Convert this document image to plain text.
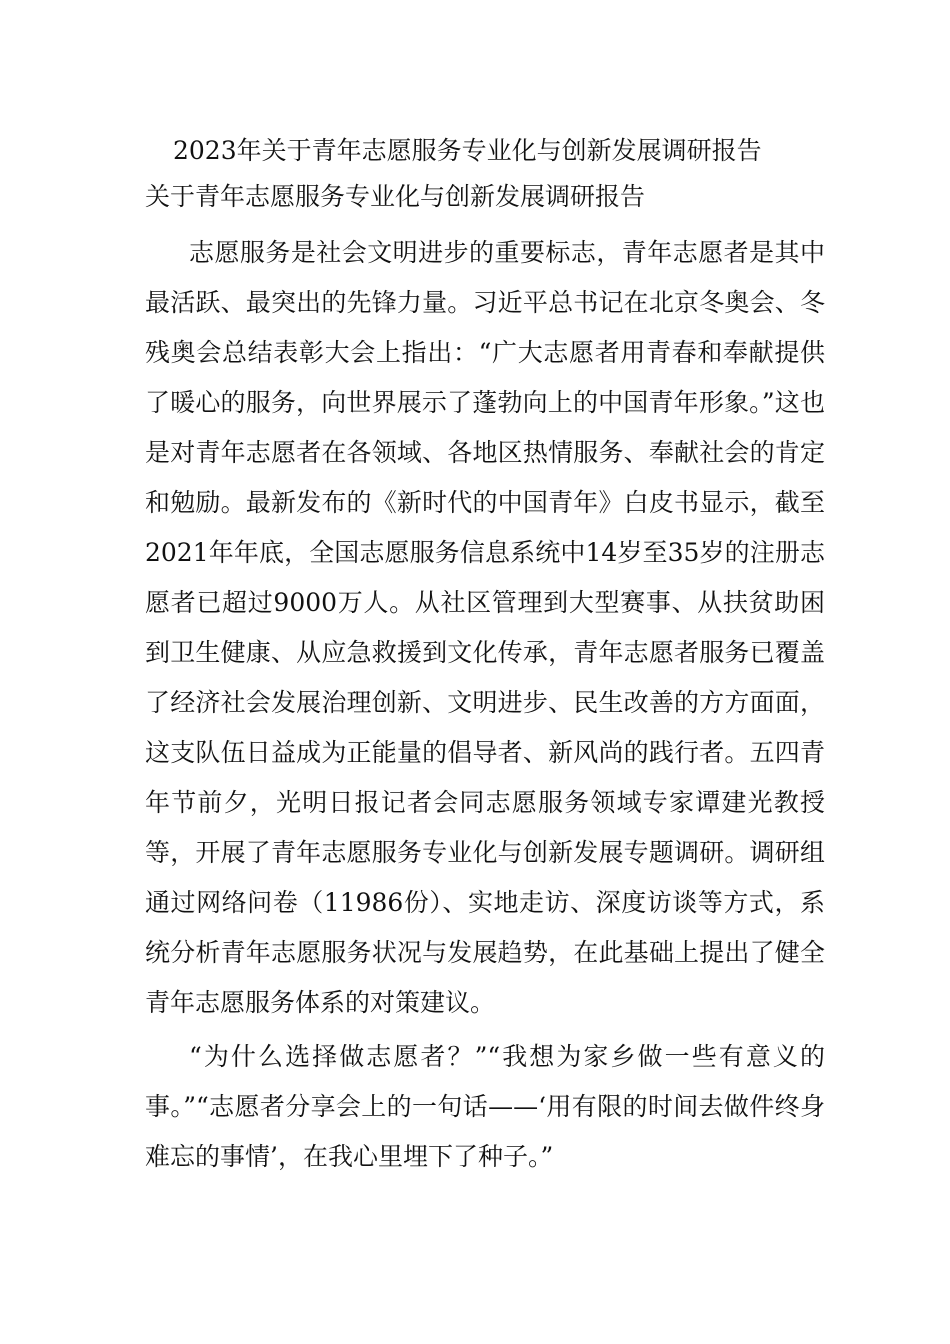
2023年关于青年志愿服务专业化与创新发展调研报告
关于青年志愿服务专业化与创新发展调研报告

志愿服务是社会文明进步的重要标志，青年志愿者是其中最活跃、最突出的先锋力量。习近平总书记在北京冬奥会、冬残奥会总结表彰大会上指出：“广大志愿者用青春和奉献提供了暖心的服务，向世界展示了蓬勃向上的中国青年形象。”这也是对青年志愿者在各领域、各地区热情服务、奉献社会的肯定和勉励。最新发布的《新时代的中国青年》白皮书显示，截至2021年年底，全国志愿服务信息系统中14岁至35岁的注册志愿者已超过9000万人。从社区管理到大型赛事、从扶贫助困到卫生健康、从应急救援到文化传承，青年志愿者服务已覆盖了经济社会发展治理创新、文明进步、民生改善的方方面面，这支队伍日益成为正能量的倡导者、新风尚的践行者。五四青年节前夕，光明日报记者会同志愿服务领域专家谭建光教授等，开展了青年志愿服务专业化与创新发展专题调研。调研组通过网络问卷（11986份）、实地走访、深度访谈等方式，系统分析青年志愿服务状况与发展趋势，在此基础上提出了健全青年志愿服务体系的对策建议。

“为什么选择做志愿者？”“我想为家乡做一些有意义的事。”“志愿者分享会上的一句话——‘用有限的时间去做件终身难忘的事情’，在我心里埋下了种子。”
